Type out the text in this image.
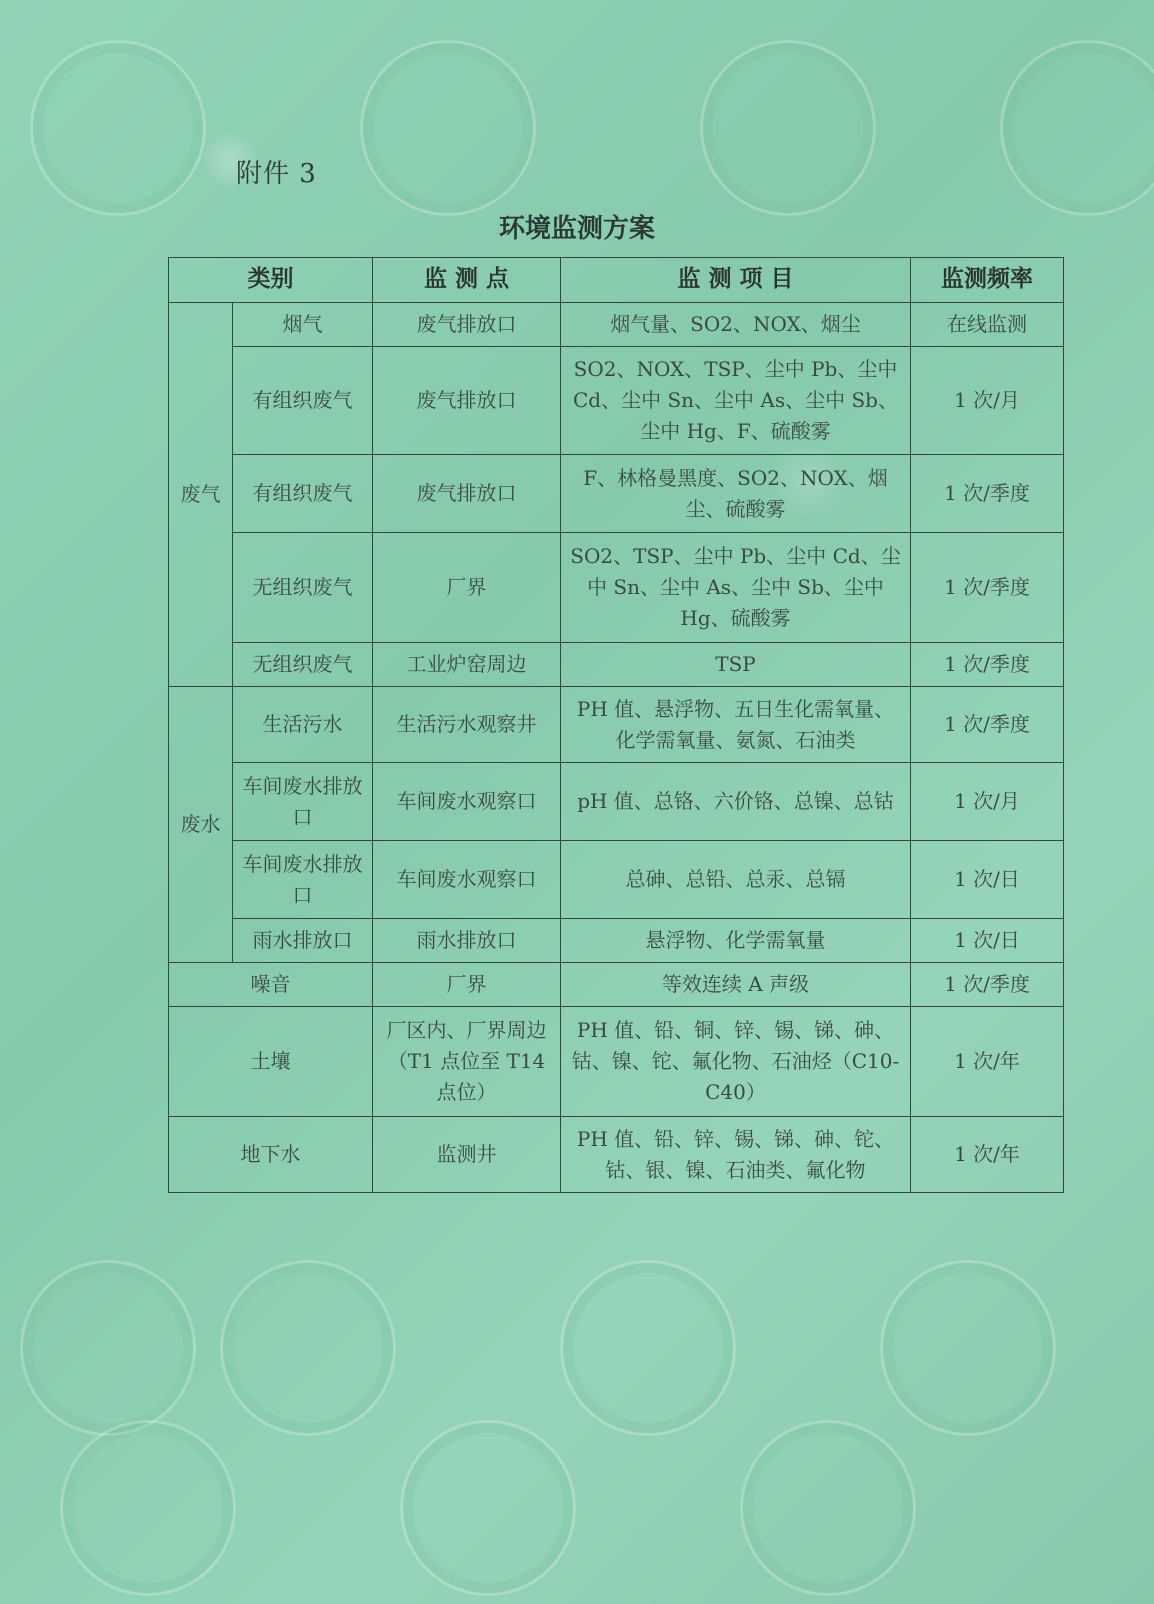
附件 3
环境监测方案
类别		监 测 点	监 测 项 目	监测频率
废气	烟气	废气排放口	烟气量、SO2、NOX、烟尘	在线监测
	有组织废气	废气排放口	SO2、NOX、TSP、尘中 Pb、尘中 Cd、尘中 Sn、尘中 As、尘中 Sb、尘中 Hg、F、硫酸雾	1 次/月
	有组织废气	废气排放口	F、林格曼黑度、SO2、NOX、烟尘、硫酸雾	1 次/季度
	无组织废气	厂界	SO2、TSP、尘中 Pb、尘中 Cd、尘中 Sn、尘中 As、尘中 Sb、尘中 Hg、硫酸雾	1 次/季度
	无组织废气	工业炉窑周边	TSP	1 次/季度
废水	生活污水	生活污水观察井	PH 值、悬浮物、五日生化需氧量、化学需氧量、氨氮、石油类	1 次/季度
	车间废水排放口	车间废水观察口	pH 值、总铬、六价铬、总镍、总钴	1 次/月
	车间废水排放口	车间废水观察口	总砷、总铅、总汞、总镉	1 次/日
	雨水排放口	雨水排放口	悬浮物、化学需氧量	1 次/日
噪音		厂界	等效连续 A 声级	1 次/季度
土壤		厂区内、厂界周边（T1 点位至 T14 点位）	PH 值、铅、铜、锌、锡、锑、砷、钴、镍、铊、氟化物、石油烃（C10-C40）	1 次/年
地下水		监测井	PH 值、铅、锌、锡、锑、砷、铊、钴、银、镍、石油类、氟化物	1 次/年
